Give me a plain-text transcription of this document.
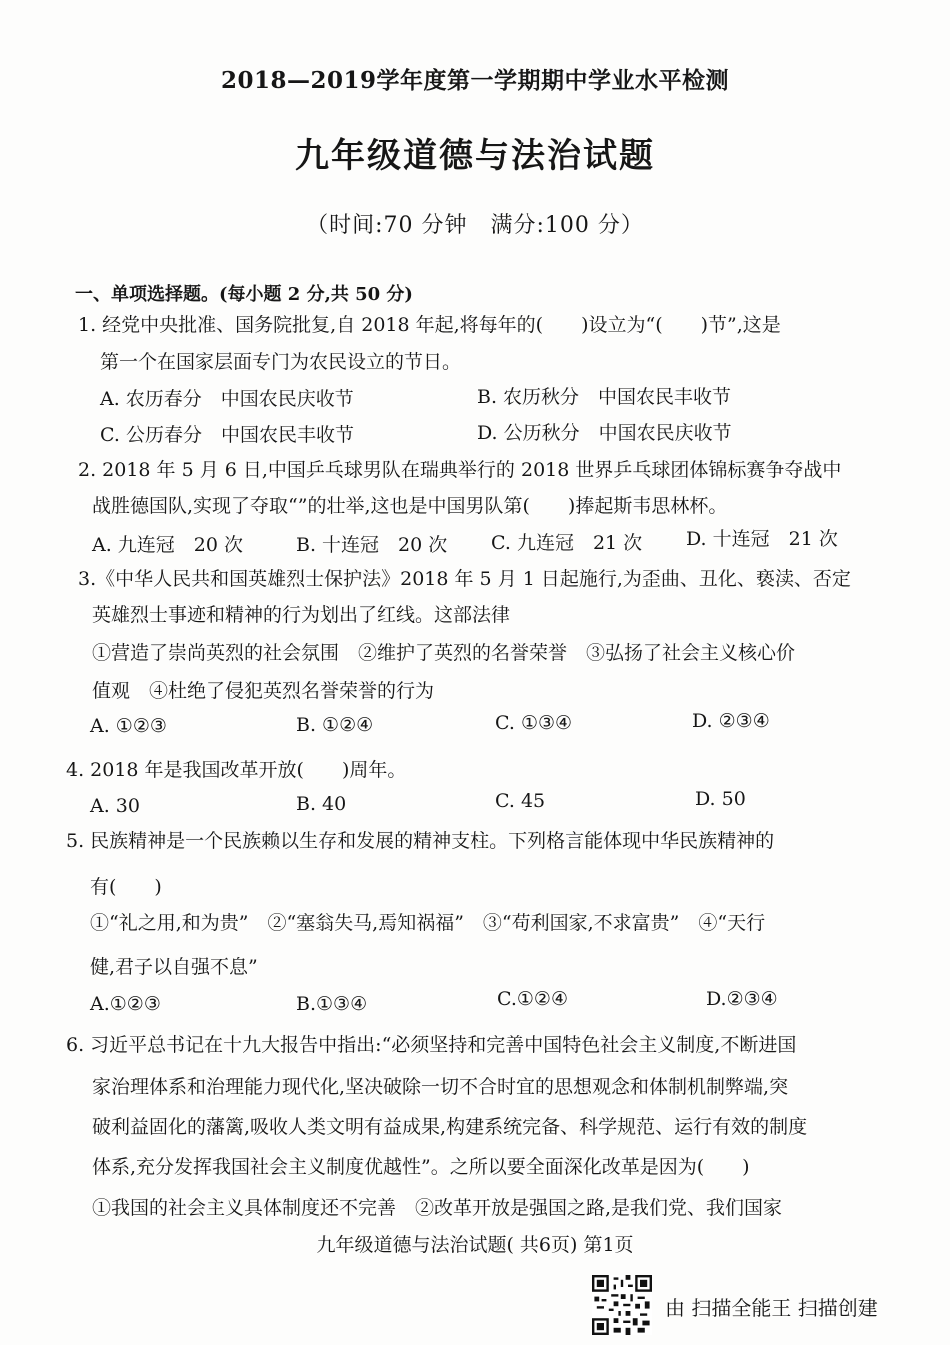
2018—2019学年度第一学期期中学业水平检测
九年级道德与法治试题
（时间:70 分钟　满分:100 分）
一、单项选择题。(每小题 2 分,共 50 分)
1. 经党中央批准、国务院批复,自 2018 年起,将每年的(　　)设立为“(　　)节”,这是
第一个在国家层面专门为农民设立的节日。
A. 农历春分　中国农民庆收节	B. 农历秋分　中国农民丰收节
C. 公历春分　中国农民丰收节	D. 公历秋分　中国农民庆收节
2. 2018 年 5 月 6 日,中国乒乓球男队在瑞典举行的 2018 世界乒乓球团体锦标赛争夺战中
战胜德国队,实现了夺取“”的壮举,这也是中国男队第(　　)捧起斯韦思林杯。
A. 九连冠　20 次	B. 十连冠　20 次 C. 九连冠　21 次 D. 十连冠　21 次
3.《中华人民共和国英雄烈士保护法》2018 年 5 月 1 日起施行,为歪曲、丑化、亵渎、否定
英雄烈士事迹和精神的行为划出了红线。这部法律
①营造了崇尚英烈的社会氛围　②维护了英烈的名誉荣誉　③弘扬了社会主义核心价
值观　④杜绝了侵犯英烈名誉荣誉的行为
A. ①②③	B. ①②④	C. ①③④	D. ②③④
4. 2018 年是我国改革开放(　　)周年。
A. 30	B. 40	C. 45	D. 50
5. 民族精神是一个民族赖以生存和发展的精神支柱。下列格言能体现中华民族精神的
有(　　)
①“礼之用,和为贵”　②“塞翁失马,焉知祸福”　③“苟利国家,不求富贵”　④“天行
健,君子以自强不息”
A.①②③	B.①③④	C.①②④	D.②③④
6. 习近平总书记在十九大报告中指出:“必须坚持和完善中国特色社会主义制度,不断进国
家治理体系和治理能力现代化,坚决破除一切不合时宜的思想观念和体制机制弊端,突
破利益固化的藩篱,吸收人类文明有益成果,构建系统完备、科学规范、运行有效的制度
体系,充分发挥我国社会主义制度优越性”。之所以要全面深化改革是因为(　　)
①我国的社会主义具体制度还不完善　②改革开放是强国之路,是我们党、我们国家
九年级道德与法治试题( 共6页) 第1页
由 扫描全能王 扫描创建
